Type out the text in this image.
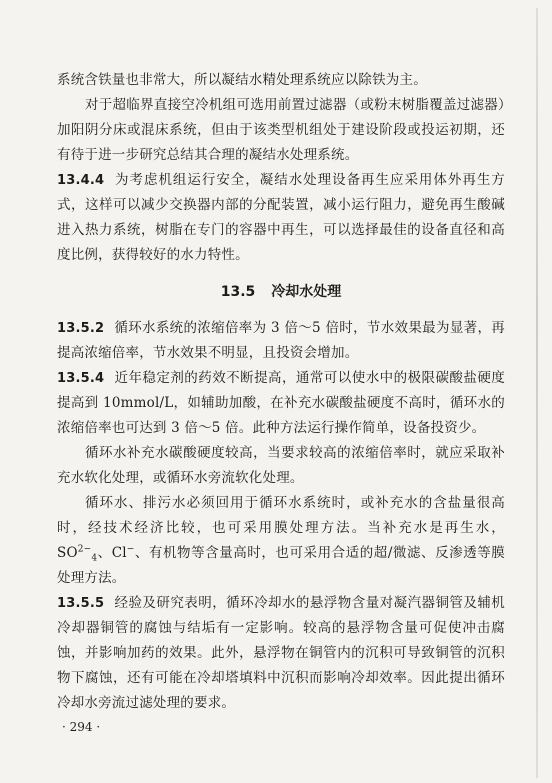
系统含铁量也非常大，所以凝结水精处理系统应以除铁为主。

对于超临界直接空冷机组可选用前置过滤器（或粉末树脂覆盖过滤器）加阳阴分床或混床系统，但由于该类型机组处于建设阶段或投运初期，还有待于进一步研究总结其合理的凝结水处理系统。

13.4.4 为考虑机组运行安全，凝结水处理设备再生应采用体外再生方式，这样可以减少交换器内部的分配装置，减小运行阻力，避免再生酸碱进入热力系统，树脂在专门的容器中再生，可以选择最佳的设备直径和高度比例，获得较好的水力特性。

13.5 冷却水处理

13.5.2 循环水系统的浓缩倍率为 3 倍～5 倍时，节水效果最为显著，再提高浓缩倍率，节水效果不明显，且投资会增加。

13.5.4 近年稳定剂的药效不断提高，通常可以使水中的极限碳酸盐硬度提高到 10mmol/L，如辅助加酸，在补充水碳酸盐硬度不高时，循环水的浓缩倍率也可达到 3 倍～5 倍。此种方法运行操作简单，设备投资少。

循环水补充水碳酸硬度较高，当要求较高的浓缩倍率时，就应采取补充水软化处理，或循环水旁流软化处理。

循环水、排污水必须回用于循环水系统时，或补充水的含盐量很高时，经技术经济比较，也可采用膜处理方法。当补充水是再生水，$SO^{2-}_4$、Cl−、有机物等含量高时，也可采用合适的超/微滤、反渗透等膜处理方法。

13.5.5 经验及研究表明，循环冷却水的悬浮物含量对凝汽器铜管及辅机冷却器铜管的腐蚀与结垢有一定影响。较高的悬浮物含量可促使冲击腐蚀，并影响加药的效果。此外，悬浮物在铜管内的沉积可导致铜管的沉积物下腐蚀，还有可能在冷却塔填料中沉积而影响冷却效率。因此提出循环冷却水旁流过滤处理的要求。

· 294 ·
